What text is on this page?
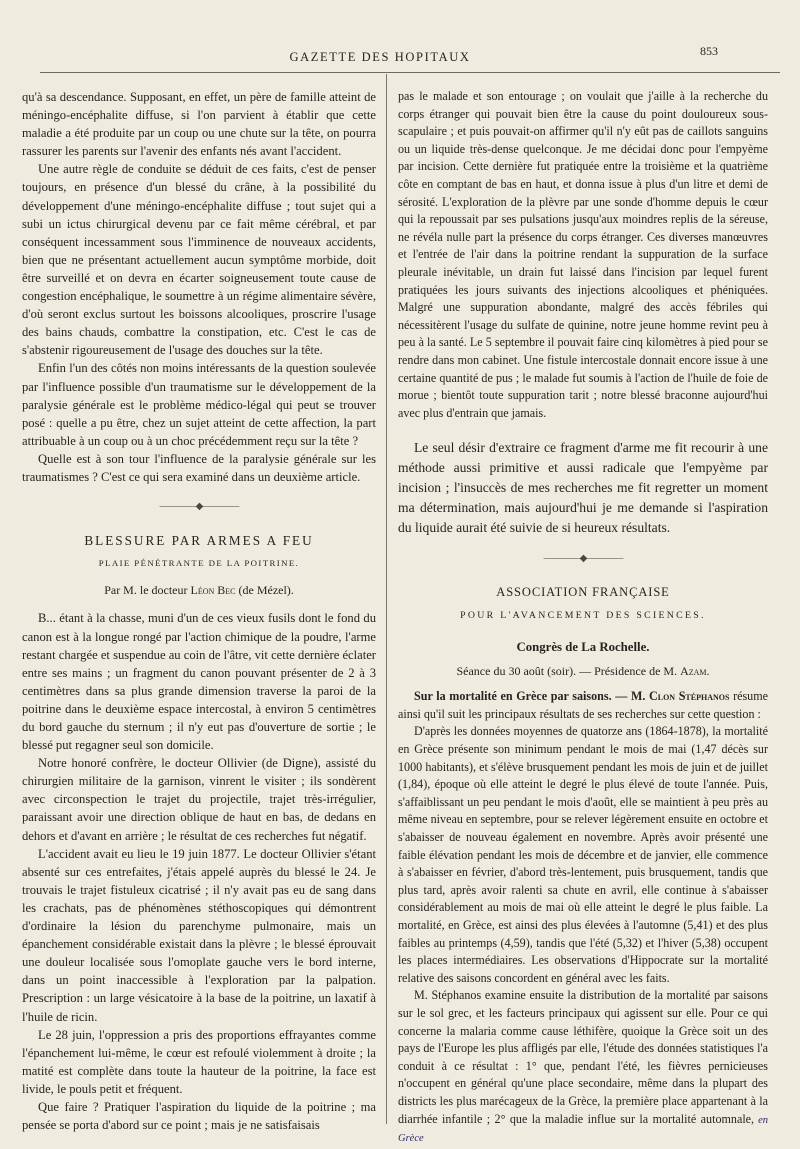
GAZETTE DES HOPITAUX	853

qu'à sa descendance. Supposant, en effet, un père de famille atteint de méningo-encéphalite diffuse, si l'on parvient à établir que cette maladie a été produite par un coup ou une chute sur la tête, on pourra rassurer les parents sur l'avenir des enfants nés avant l'accident.

Une autre règle de conduite se déduit de ces faits, c'est de penser toujours, en présence d'un blessé du crâne, à la possibilité du développement d'une méningo-encéphalite diffuse ; tout sujet qui a subi un ictus chirurgical devenu par ce fait même cérébral, et par conséquent incessamment sous l'imminence de nouveaux accidents, bien que ne présentant actuellement aucun symptôme morbide, doit être surveillé et on devra en écarter soigneusement toute cause de congestion encéphalique, le soumettre à un régime alimentaire sévère, d'où seront exclus surtout les boissons alcooliques, proscrire l'usage des bains chauds, combattre la constipation, etc. C'est le cas de s'abstenir rigoureusement de l'usage des douches sur la tête.

Enfin l'un des côtés non moins intéressants de la question soulevée par l'influence possible d'un traumatisme sur le développement de la paralysie générale est le problème médico-légal qui peut se trouver posé : quelle a pu être, chez un sujet atteint de cette affection, la part attribuable à un coup ou à un choc précédemment reçu sur la tête ?

Quelle est à son tour l'influence de la paralysie générale sur les traumatismes ? C'est ce qui sera examiné dans un deuxième article.

————◆————
BLESSURE PAR ARMES A FEU
PLAIE PÉNÉTRANTE DE LA POITRINE.
Par M. le docteur Léon Bec (de Mézel).

B... étant à la chasse, muni d'un de ces vieux fusils dont le fond du canon est à la longue rongé par l'action chimique de la poudre, l'arme restant chargée et suspendue au coin de l'âtre, vit cette dernière éclater entre ses mains ; un fragment du canon pouvant présenter de 2 à 3 centimètres dans sa plus grande dimension traverse la paroi de la poitrine dans le deuxième espace intercostal, à environ 5 centimètres du bord gauche du sternum ; il n'y eut pas d'ouverture de sortie ; le blessé put regagner seul son domicile.

Notre honoré confrère, le docteur Ollivier (de Digne), assisté du chirurgien militaire de la garnison, vinrent le visiter ; ils sondèrent avec circonspection le trajet du projectile, trajet très-irrégulier, paraissant avoir une direction oblique de haut en bas, de dedans en dehors et d'avant en arrière ; le résultat de ces recherches fut négatif.

L'accident avait eu lieu le 19 juin 1877. Le docteur Ollivier s'étant absenté sur ces entrefaites, j'étais appelé auprès du blessé le 24. Je trouvais le trajet fistuleux cicatrisé ; il n'y avait pas eu de sang dans les crachats, pas de phénomènes stéthoscopiques qui démontrent d'ordinaire la lésion du parenchyme pulmonaire, mais un épanchement considérable existait dans la plèvre ; le blessé éprouvait une douleur localisée sous l'omoplate gauche vers le bord interne, dans un point inaccessible à l'exploration par la palpation. Prescription : un large vésicatoire à la base de la poitrine, un laxatif à l'huile de ricin.

Le 28 juin, l'oppression a pris des proportions effrayantes comme l'épanchement lui-même, le cœur est refoulé violemment à droite ; la matité est complète dans toute la hauteur de la poitrine, la face est livide, le pouls petit et fréquent.

Que faire ? Pratiquer l'aspiration du liquide de la poitrine ; ma pensée se porta d'abord sur ce point ; mais je ne satisfaisais

pas le malade et son entourage ; on voulait que j'aille à la recherche du corps étranger qui pouvait bien être la cause du point douloureux sous-scapulaire ; et puis pouvait-on affirmer qu'il n'y eût pas de caillots sanguins ou un liquide très-dense quelconque. Je me décidai donc pour l'empyème par incision. Cette dernière fut pratiquée entre la troisième et la quatrième côte en comptant de bas en haut, et donna issue à plus d'un litre et demi de sérosité. L'exploration de la plèvre par une sonde d'homme depuis le cœur qui la repoussait par ses pulsations jusqu'aux moindres replis de la séreuse, ne révéla nulle part la présence du corps étranger. Ces diverses manœuvres et l'entrée de l'air dans la poitrine rendant la suppuration de la surface pleurale inévitable, un drain fut laissé dans l'incision par lequel furent pratiquées les jours suivants des injections alcooliques et phéniquées. Malgré une suppuration abondante, malgré des accès fébriles qui nécessitèrent l'usage du sulfate de quinine, notre jeune homme revint peu à peu à la santé. Le 5 septembre il pouvait faire cinq kilomètres à pied pour se rendre dans mon cabinet. Une fistule intercostale donnait encore issue à une certaine quantité de pus ; le malade fut soumis à l'action de l'huile de foie de morue ; bientôt toute suppuration tarit ; notre blessé braconne aujourd'hui avec plus d'entrain que jamais.

Le seul désir d'extraire ce fragment d'arme me fit recourir à une méthode aussi primitive et aussi radicale que l'empyème par incision ; l'insuccès de mes recherches me fit regretter un moment ma détermination, mais aujourd'hui je me demande si l'aspiration du liquide aurait été suivie de si heureux résultats.

————◆————
ASSOCIATION FRANÇAISE
POUR L'AVANCEMENT DES SCIENCES.
Congrès de La Rochelle.
Séance du 30 août (soir). — Présidence de M. Azam.

Sur la mortalité en Grèce par saisons. — M. Clon Stéphanos résume ainsi qu'il suit les principaux résultats de ses recherches sur cette question :

D'après les données moyennes de quatorze ans (1864-1878), la mortalité en Grèce présente son minimum pendant le mois de mai (1,47 décès sur 1000 habitants), et s'élève brusquement pendant les mois de juin et de juillet (1,84), époque où elle atteint le degré le plus élevé de toute l'année. Puis, s'affaiblissant un peu pendant le mois d'août, elle se maintient à peu près au même niveau en septembre, pour se relever légèrement ensuite en octobre et s'abaisser de nouveau également en novembre. Après avoir présenté une faible élévation pendant les mois de décembre et de janvier, elle commence à s'abaisser en février, d'abord très-lentement, puis brusquement, tandis que plus tard, après avoir ralenti sa chute en avril, elle continue à s'abaisser considérablement au mois de mai où elle atteint le degré le plus faible. La mortalité, en Grèce, est ainsi des plus élevées à l'automne (5,41) et des plus faibles au printemps (4,59), tandis que l'été (5,32) et l'hiver (5,38) occupent les places intermédiaires. Les observations d'Hippocrate sur la mortalité relative des saisons concordent en général avec les faits.

M. Stéphanos examine ensuite la distribution de la mortalité par saisons sur le sol grec, et les facteurs principaux qui agissent sur elle. Pour ce qui concerne la malaria comme cause léthifère, quoique la Grèce soit un des pays de l'Europe les plus affligés par elle, l'étude des données statistiques l'a conduit à ce résultat : 1° que, pendant l'été, les fièvres pernicieuses n'occupent en général qu'une place secondaire, même dans la plupart des districts les plus marécageux de la Grèce, la première place appartenant à la diarrhée infantile ; 2° que la maladie influe sur la mortalité automnale, en Grèce
